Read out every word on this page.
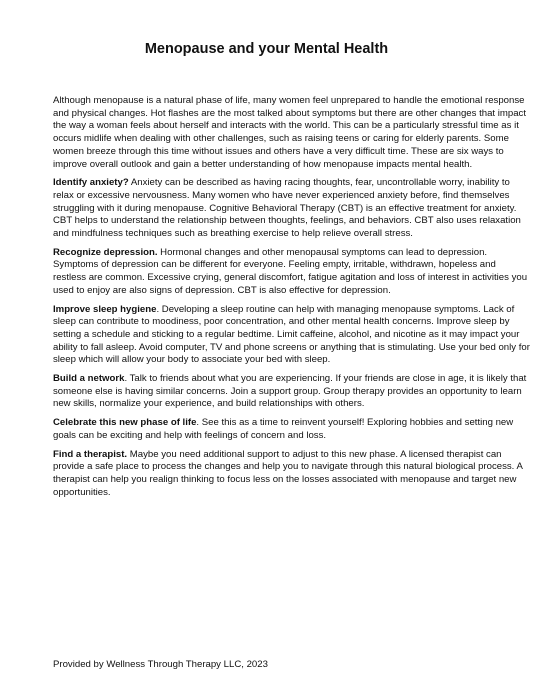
Menopause and your Mental Health

Although menopause is a natural phase of life, many women feel unprepared to handle the emotional response and physical changes. Hot flashes are the most talked about symptoms but there are other changes that impact the way a woman feels about herself and interacts with the world. This can be a particularly stressful time as it occurs midlife when dealing with other challenges, such as raising teens or caring for elderly parents. Some women breeze through this time without issues and others have a very difficult time. These are six ways to improve overall outlook and gain a better understanding of how menopause impacts mental health.

Identify anxiety? Anxiety can be described as having racing thoughts, fear, uncontrollable worry, inability to relax or excessive nervousness. Many women who have never experienced anxiety before, find themselves struggling with it during menopause. Cognitive Behavioral Therapy (CBT) is an effective treatment for anxiety. CBT helps to understand the relationship between thoughts, feelings, and behaviors. CBT also uses relaxation and mindfulness techniques such as breathing exercise to help relieve overall stress.

Recognize depression. Hormonal changes and other menopausal symptoms can lead to depression. Symptoms of depression can be different for everyone. Feeling empty, irritable, withdrawn, hopeless and restless are common. Excessive crying, general discomfort, fatigue agitation and loss of interest in activities you used to enjoy are also signs of depression. CBT is also effective for depression.

Improve sleep hygiene. Developing a sleep routine can help with managing menopause symptoms. Lack of sleep can contribute to moodiness, poor concentration, and other mental health concerns. Improve sleep by setting a schedule and sticking to a regular bedtime. Limit caffeine, alcohol, and nicotine as it may impact your ability to fall asleep. Avoid computer, TV and phone screens or anything that is stimulating. Use your bed only for sleep which will allow your body to associate your bed with sleep.

Build a network. Talk to friends about what you are experiencing. If your friends are close in age, it is likely that someone else is having similar concerns. Join a support group. Group therapy provides an opportunity to learn new skills, normalize your experience, and build relationships with others.

Celebrate this new phase of life. See this as a time to reinvent yourself! Exploring hobbies and setting new goals can be exciting and help with feelings of concern and loss.

Find a therapist. Maybe you need additional support to adjust to this new phase. A licensed therapist can provide a safe place to process the changes and help you to navigate through this natural biological process. A therapist can help you realign thinking to focus less on the losses associated with menopause and target new opportunities.

Provided by Wellness Through Therapy LLC, 2023
